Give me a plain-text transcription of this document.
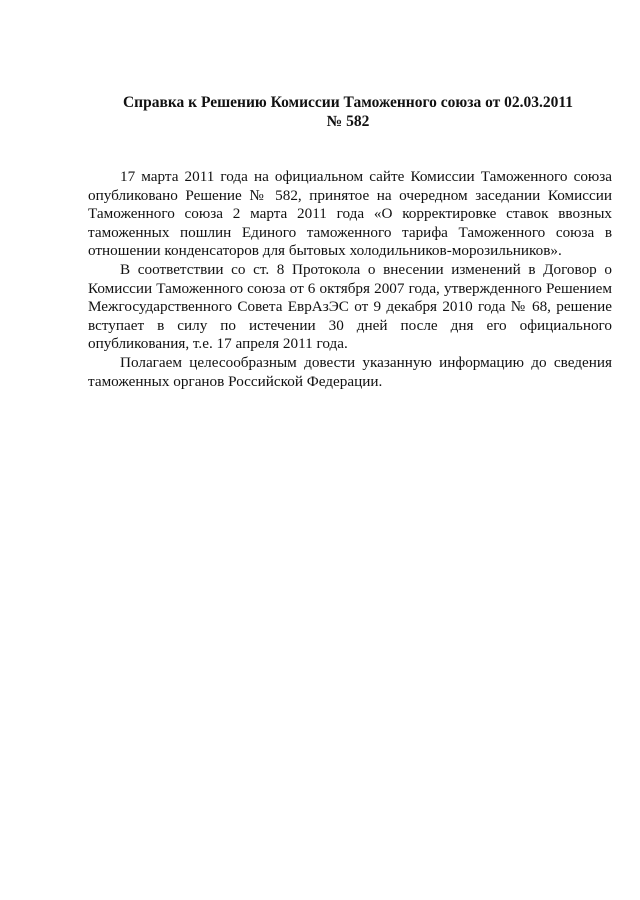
Справка к Решению Комиссии Таможенного союза от 02.03.2011
№ 582

17 марта 2011 года на официальном сайте Комиссии Таможенного союза опубликовано Решение № 582, принятое на очередном заседании Комиссии Таможенного союза 2 марта 2011 года «О корректировке ставок ввозных таможенных пошлин Единого таможенного тарифа Таможенного союза в отношении конденсаторов для бытовых холодильников-морозильников».

В соответствии со ст. 8 Протокола о внесении изменений в Договор о Комиссии Таможенного союза от 6 октября 2007 года, утвержденного Решением Межгосударственного Совета ЕврАзЭС от 9 декабря 2010 года № 68, решение вступает в силу по истечении 30 дней после дня его официального опубликования, т.е. 17 апреля 2011 года.

Полагаем целесообразным довести указанную информацию до сведения таможенных органов Российской Федерации.
